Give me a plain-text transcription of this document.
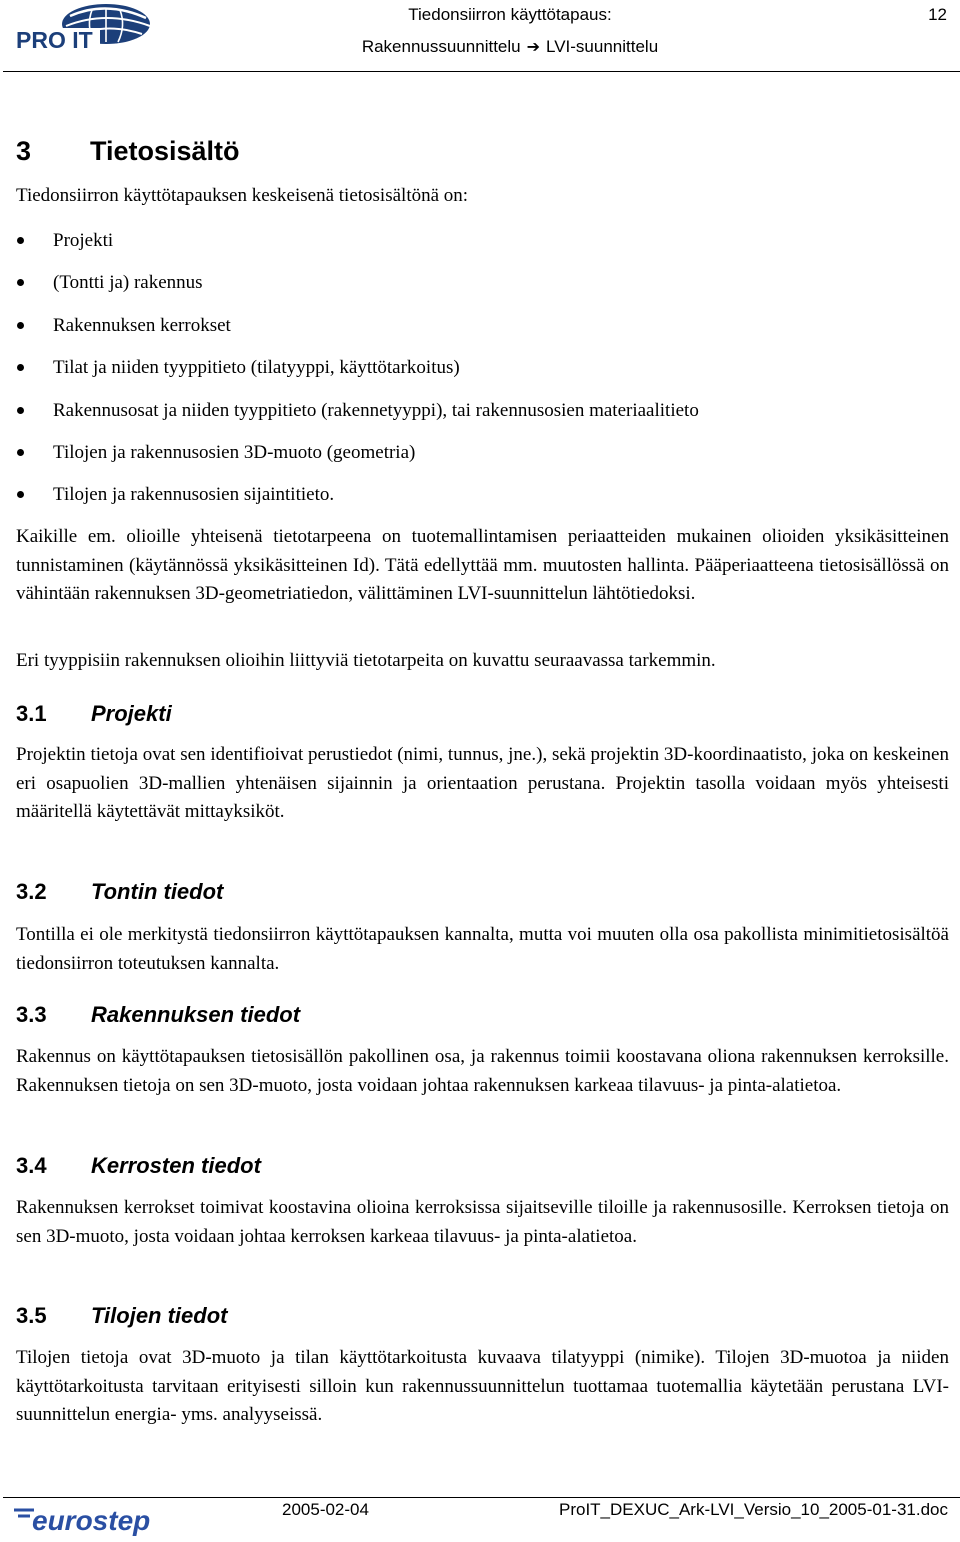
PRO IT
Tiedonsiirron käyttötapaus:
Rakennussuunnittelu ➔ LVI-suunnittelu
12
3 Tietosisältö

Tiedonsiirron käyttötapauksen keskeisenä tietosisältönä on:

Projekti
(Tontti ja) rakennus
Rakennuksen kerrokset
Tilat ja niiden tyyppitieto (tilatyyppi, käyttötarkoitus)
Rakennusosat ja niiden tyyppitieto (rakennetyyppi), tai rakennusosien materiaalitieto
Tilojen ja rakennusosien 3D-muoto (geometria)
Tilojen ja rakennusosien sijaintitieto.

Kaikille em. olioille yhteisenä tietotarpeena on tuotemallintamisen periaatteiden mukainen olioiden yksikäsitteinen tunnistaminen (käytännössä yksikäsitteinen Id). Tätä edellyttää mm. muutosten hallinta. Pääperiaatteena tietosisällössä on vähintään rakennuksen 3D-geometriatiedon, välittäminen LVI-suunnittelun lähtötiedoksi.

Eri tyyppisiin rakennuksen olioihin liittyviä tietotarpeita on kuvattu seuraavassa tarkemmin.

3.1 Projekti

Projektin tietoja ovat sen identifioivat perustiedot (nimi, tunnus, jne.), sekä projektin 3D-koordinaatisto, joka on keskeinen eri osapuolien 3D-mallien yhtenäisen sijainnin ja orientaation perustana. Projektin tasolla voidaan myös yhteisesti määritellä käytettävät mittayksiköt.

3.2 Tontin tiedot

Tontilla ei ole merkitystä tiedonsiirron käyttötapauksen kannalta, mutta voi muuten olla osa pakollista minimitietosisältöä tiedonsiirron toteutuksen kannalta.

3.3 Rakennuksen tiedot

Rakennus on käyttötapauksen tietosisällön pakollinen osa, ja rakennus toimii koostavana oliona rakennuksen kerroksille. Rakennuksen tietoja on sen 3D-muoto, josta voidaan johtaa rakennuksen karkeaa tilavuus- ja pinta-alatietoa.

3.4 Kerrosten tiedot

Rakennuksen kerrokset toimivat koostavina olioina kerroksissa sijaitseville tiloille ja rakennusosille. Kerroksen tietoja on sen 3D-muoto, josta voidaan johtaa kerroksen karkeaa tilavuus- ja pinta-alatietoa.

3.5 Tilojen tiedot

Tilojen tietoja ovat 3D-muoto ja tilan käyttötarkoitusta kuvaava tilatyyppi (nimike). Tilojen 3D-muotoa ja niiden käyttötarkoitusta tarvitaan erityisesti silloin kun rakennussuunnittelun tuottamaa tuotemallia käytetään perustana LVI-suunnittelun energia- yms. analyyseissä.

eurostep	2005-02-04	ProIT_DEXUC_Ark-LVI_Versio_10_2005-01-31.doc
